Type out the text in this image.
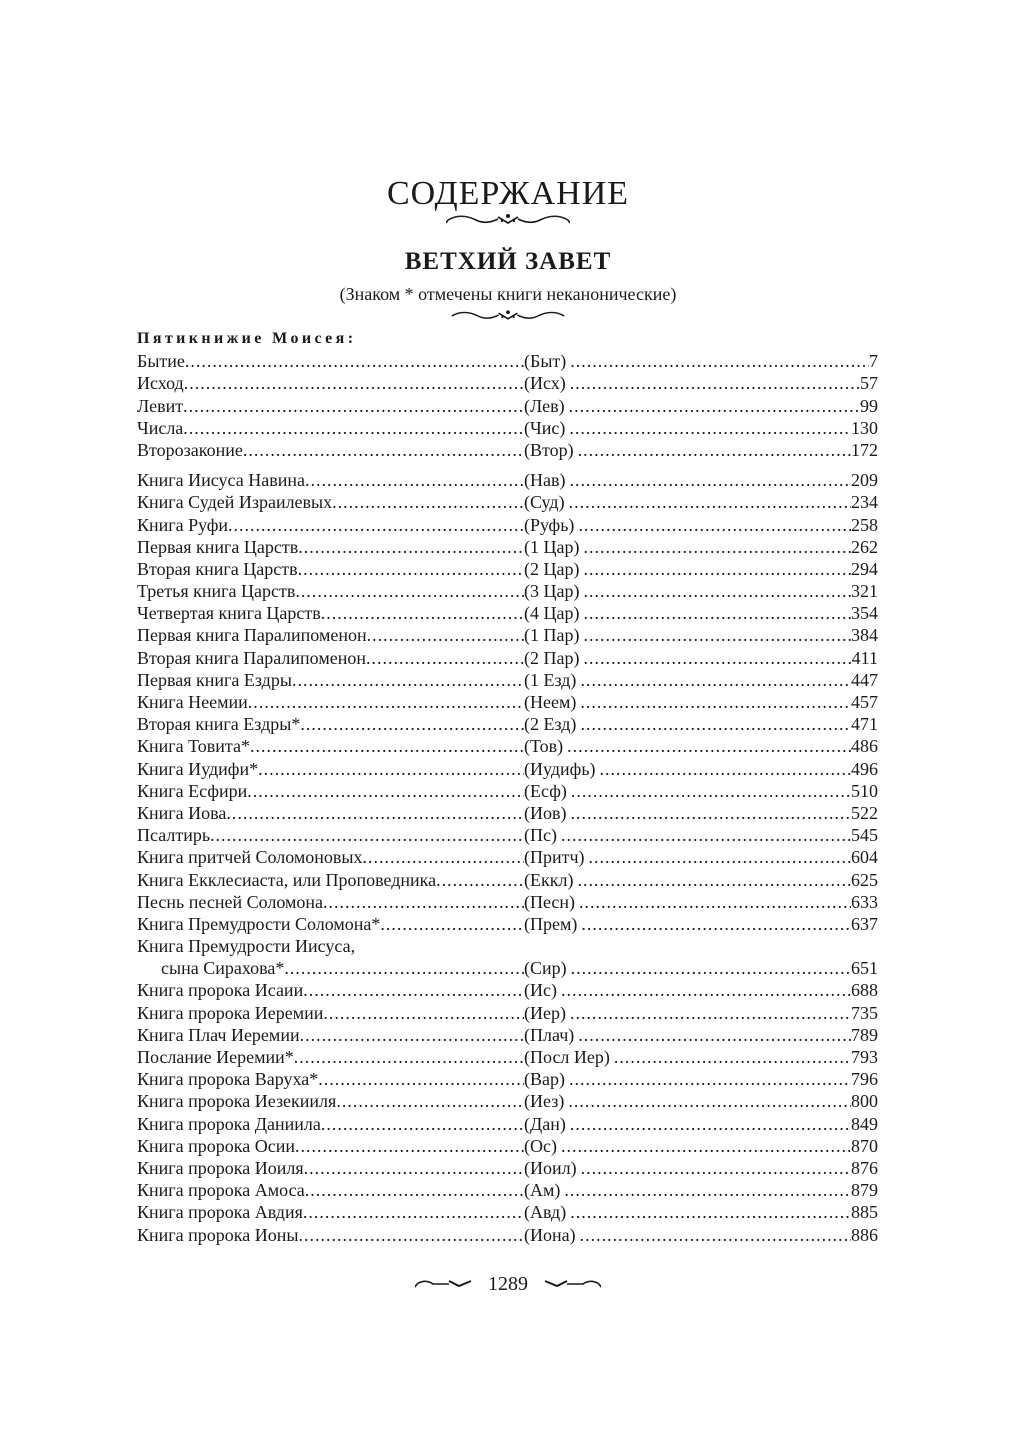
СОДЕРЖАНИЕ
ВЕТХИЙ ЗАВЕТ
(Знаком * отмечены книги неканонические)
Пятикнижие Моисея:
Бытие .....	(Быт) .....	7
Исход .....	(Исх) .....	57
Левит .....	(Лев) .....	99
Числа .....	(Чис) .....	130
Второзаконие .....	(Втор) .....	172
Книга Иисуса Навина .....	(Нав) .....	209
Книга Судей Израилевых .....	(Суд) .....	234
Книга Руфи .....	(Руфь) .....	258
Первая книга Царств .....	(1 Цар) .....	262
Вторая книга Царств .....	(2 Цар) .....	294
Третья книга Царств .....	(3 Цар) .....	321
Четвертая книга Царств .....	(4 Цар) .....	354
Первая книга Паралипоменон .....	(1 Пар) .....	384
Вторая книга Паралипоменон .....	(2 Пар) .....	411
Первая книга Ездры .....	(1 Езд) .....	447
Книга Неемии .....	(Неем) .....	457
Вторая книга Ездры* .....	(2 Езд) .....	471
Книга Товита* .....	(Тов) .....	486
Книга Иудифи* .....	(Иудифь) .....	496
Книга Есфири .....	(Есф) .....	510
Книга Иова .....	(Иов) .....	522
Псалтирь .....	(Пс) .....	545
Книга притчей Соломоновых .....	(Притч) .....	604
Книга Екклесиаста, или Проповедника .....	(Еккл) .....	625
Песнь песней Соломона .....	(Песн) .....	633
Книга Премудрости Соломона* .....	(Прем) .....	637
Книга Премудрости Иисуса,
сына Сирахова* .....	(Сир) .....	651
Книга пророка Исаии .....	(Ис) .....	688
Книга пророка Иеремии .....	(Иер) .....	735
Книга Плач Иеремии .....	(Плач) .....	789
Послание Иеремии* .....	(Посл Иер) .....	793
Книга пророка Варуха* .....	(Вар) .....	796
Книга пророка Иезекииля .....	(Иез) .....	800
Книга пророка Даниила .....	(Дан) .....	849
Книга пророка Осии .....	(Ос) .....	870
Книга пророка Иоиля .....	(Иоил) .....	876
Книга пророка Амоса .....	(Ам) .....	879
Книга пророка Авдия .....	(Авд) .....	885
Книга пророка Ионы .....	(Иона) .....	886
1289
